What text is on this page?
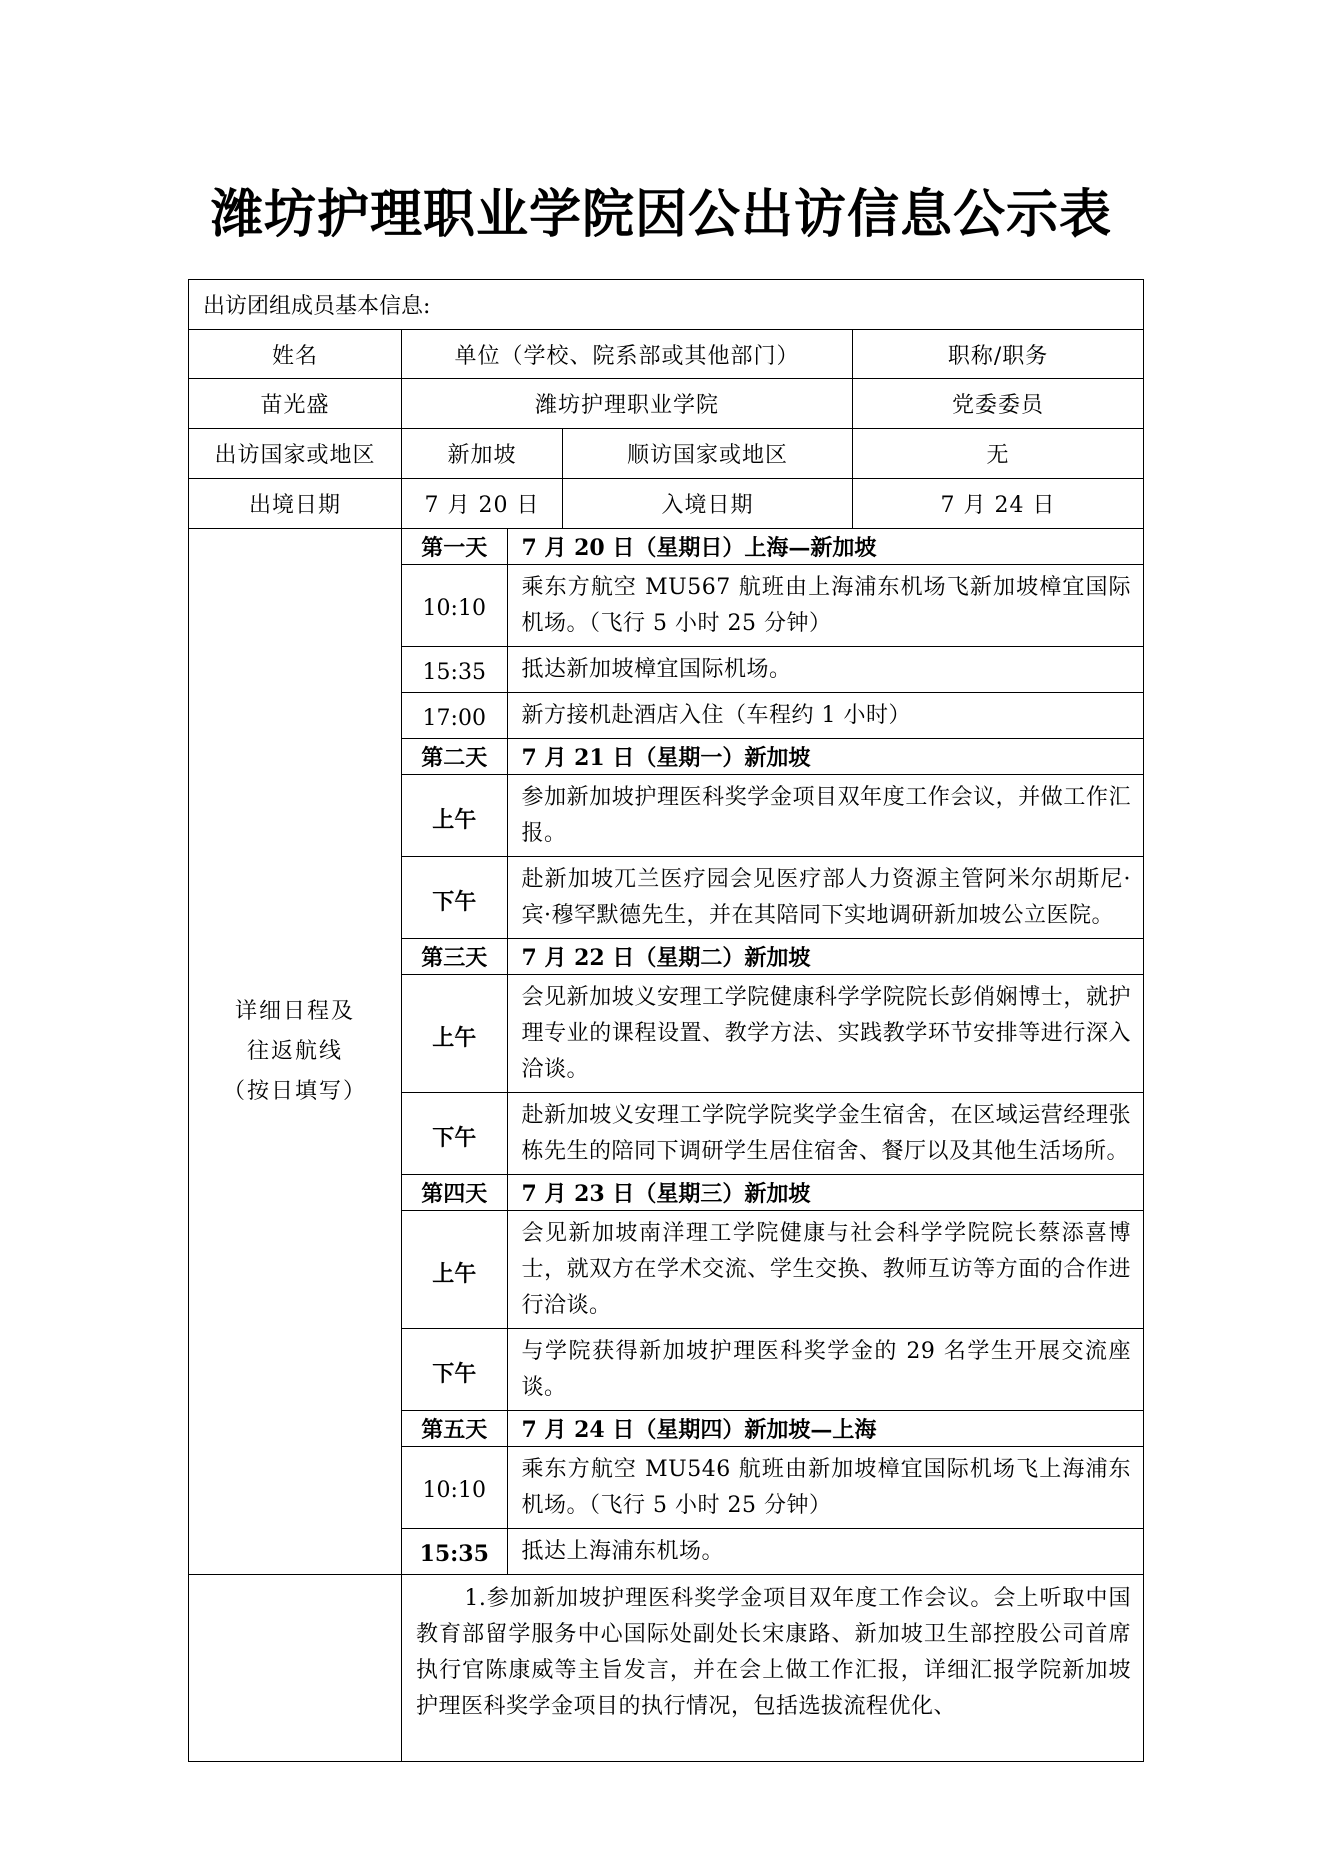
潍坊护理职业学院因公出访信息公示表
出访团组成员基本信息:
姓名	单位（学校、院系部或其他部门）	职称/职务
苗光盛	潍坊护理职业学院	党委委员
出访国家或地区	新加坡	顺访国家或地区	无
出境日期	7 月 20 日	入境日期	7 月 24 日

详细日程及
往返航线
（按日填写）

第一天	7 月 20 日（星期日）上海—新加坡
10:10	乘东方航空 MU567 航班由上海浦东机场飞新加坡樟宜国际机场。（飞行 5 小时 25 分钟）
15:35	抵达新加坡樟宜国际机场。
17:00	新方接机赴酒店入住（车程约 1 小时）
第二天	7 月 21 日（星期一）新加坡
上午	参加新加坡护理医科奖学金项目双年度工作会议，并做工作汇报。
下午	赴新加坡兀兰医疗园会见医疗部人力资源主管阿米尔胡斯尼·宾·穆罕默德先生，并在其陪同下实地调研新加坡公立医院。
第三天	7 月 22 日（星期二）新加坡
上午	会见新加坡义安理工学院健康科学学院院长彭俏娴博士，就护理专业的课程设置、教学方法、实践教学环节安排等进行深入洽谈。
下午	赴新加坡义安理工学院学院奖学金生宿舍，在区域运营经理张栋先生的陪同下调研学生居住宿舍、餐厅以及其他生活场所。
第四天	7 月 23 日（星期三）新加坡
上午	会见新加坡南洋理工学院健康与社会科学学院院长蔡添喜博士，就双方在学术交流、学生交换、教师互访等方面的合作进行洽谈。
下午	与学院获得新加坡护理医科奖学金的 29 名学生开展交流座谈。
第五天	7 月 24 日（星期四）新加坡—上海
10:10	乘东方航空 MU546 航班由新加坡樟宜国际机场飞上海浦东机场。（飞行 5 小时 25 分钟）
15:35	抵达上海浦东机场。

1.参加新加坡护理医科奖学金项目双年度工作会议。会上听取中国教育部留学服务中心国际处副处长宋康路、新加坡卫生部控股公司首席执行官陈康威等主旨发言，并在会上做工作汇报，详细汇报学院新加坡护理医科奖学金项目的执行情况，包括选拔流程优化、
